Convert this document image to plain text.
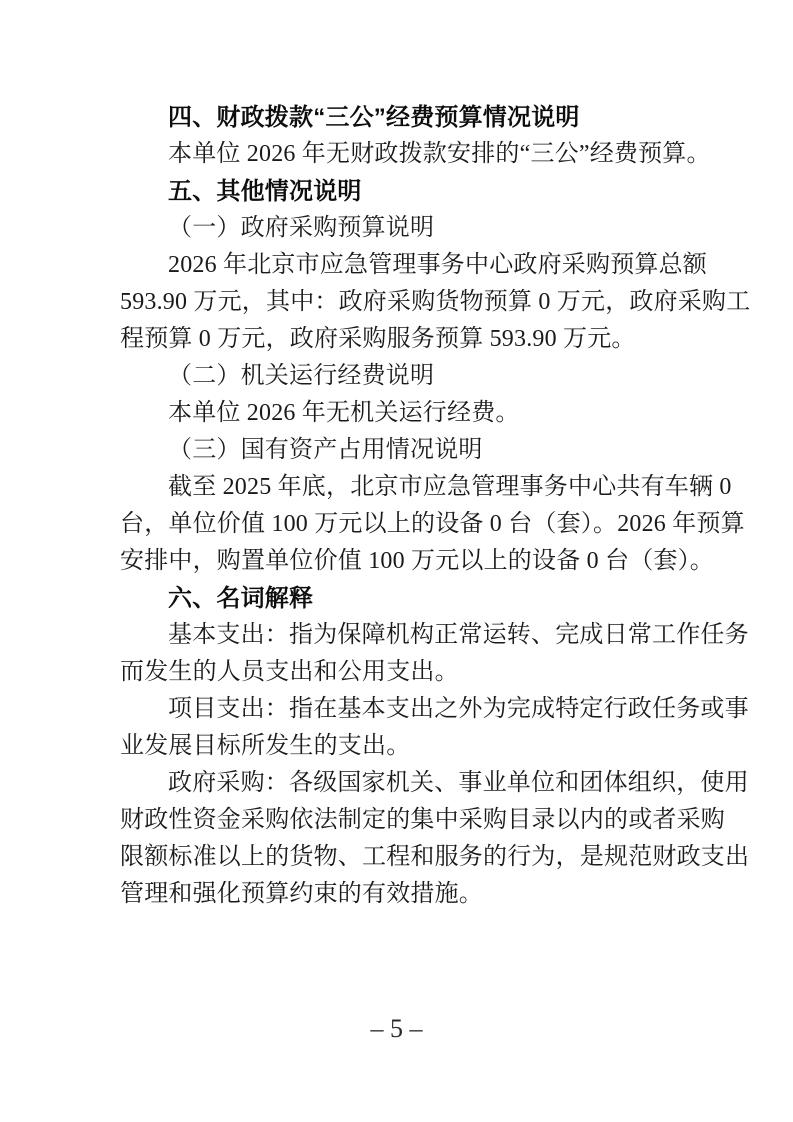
四、财政拨款“三公”经费预算情况说明
本单位 2026 年无财政拨款安排的“三公”经费预算。
五、其他情况说明
（一）政府采购预算说明
2026 年北京市应急管理事务中心政府采购预算总额
593.90 万元，其中：政府采购货物预算 0 万元，政府采购工
程预算 0 万元，政府采购服务预算 593.90 万元。
（二）机关运行经费说明
本单位 2026 年无机关运行经费。
（三）国有资产占用情况说明
截至 2025 年底，北京市应急管理事务中心共有车辆 0
台，单位价值 100 万元以上的设备 0 台（套）。2026 年预算
安排中，购置单位价值 100 万元以上的设备 0 台（套）。
六、名词解释
基本支出：指为保障机构正常运转、完成日常工作任务
而发生的人员支出和公用支出。
项目支出：指在基本支出之外为完成特定行政任务或事
业发展目标所发生的支出。
政府采购：各级国家机关、事业单位和团体组织，使用
财政性资金采购依法制定的集中采购目录以内的或者采购
限额标准以上的货物、工程和服务的行为，是规范财政支出
管理和强化预算约束的有效措施。
– 5 –
